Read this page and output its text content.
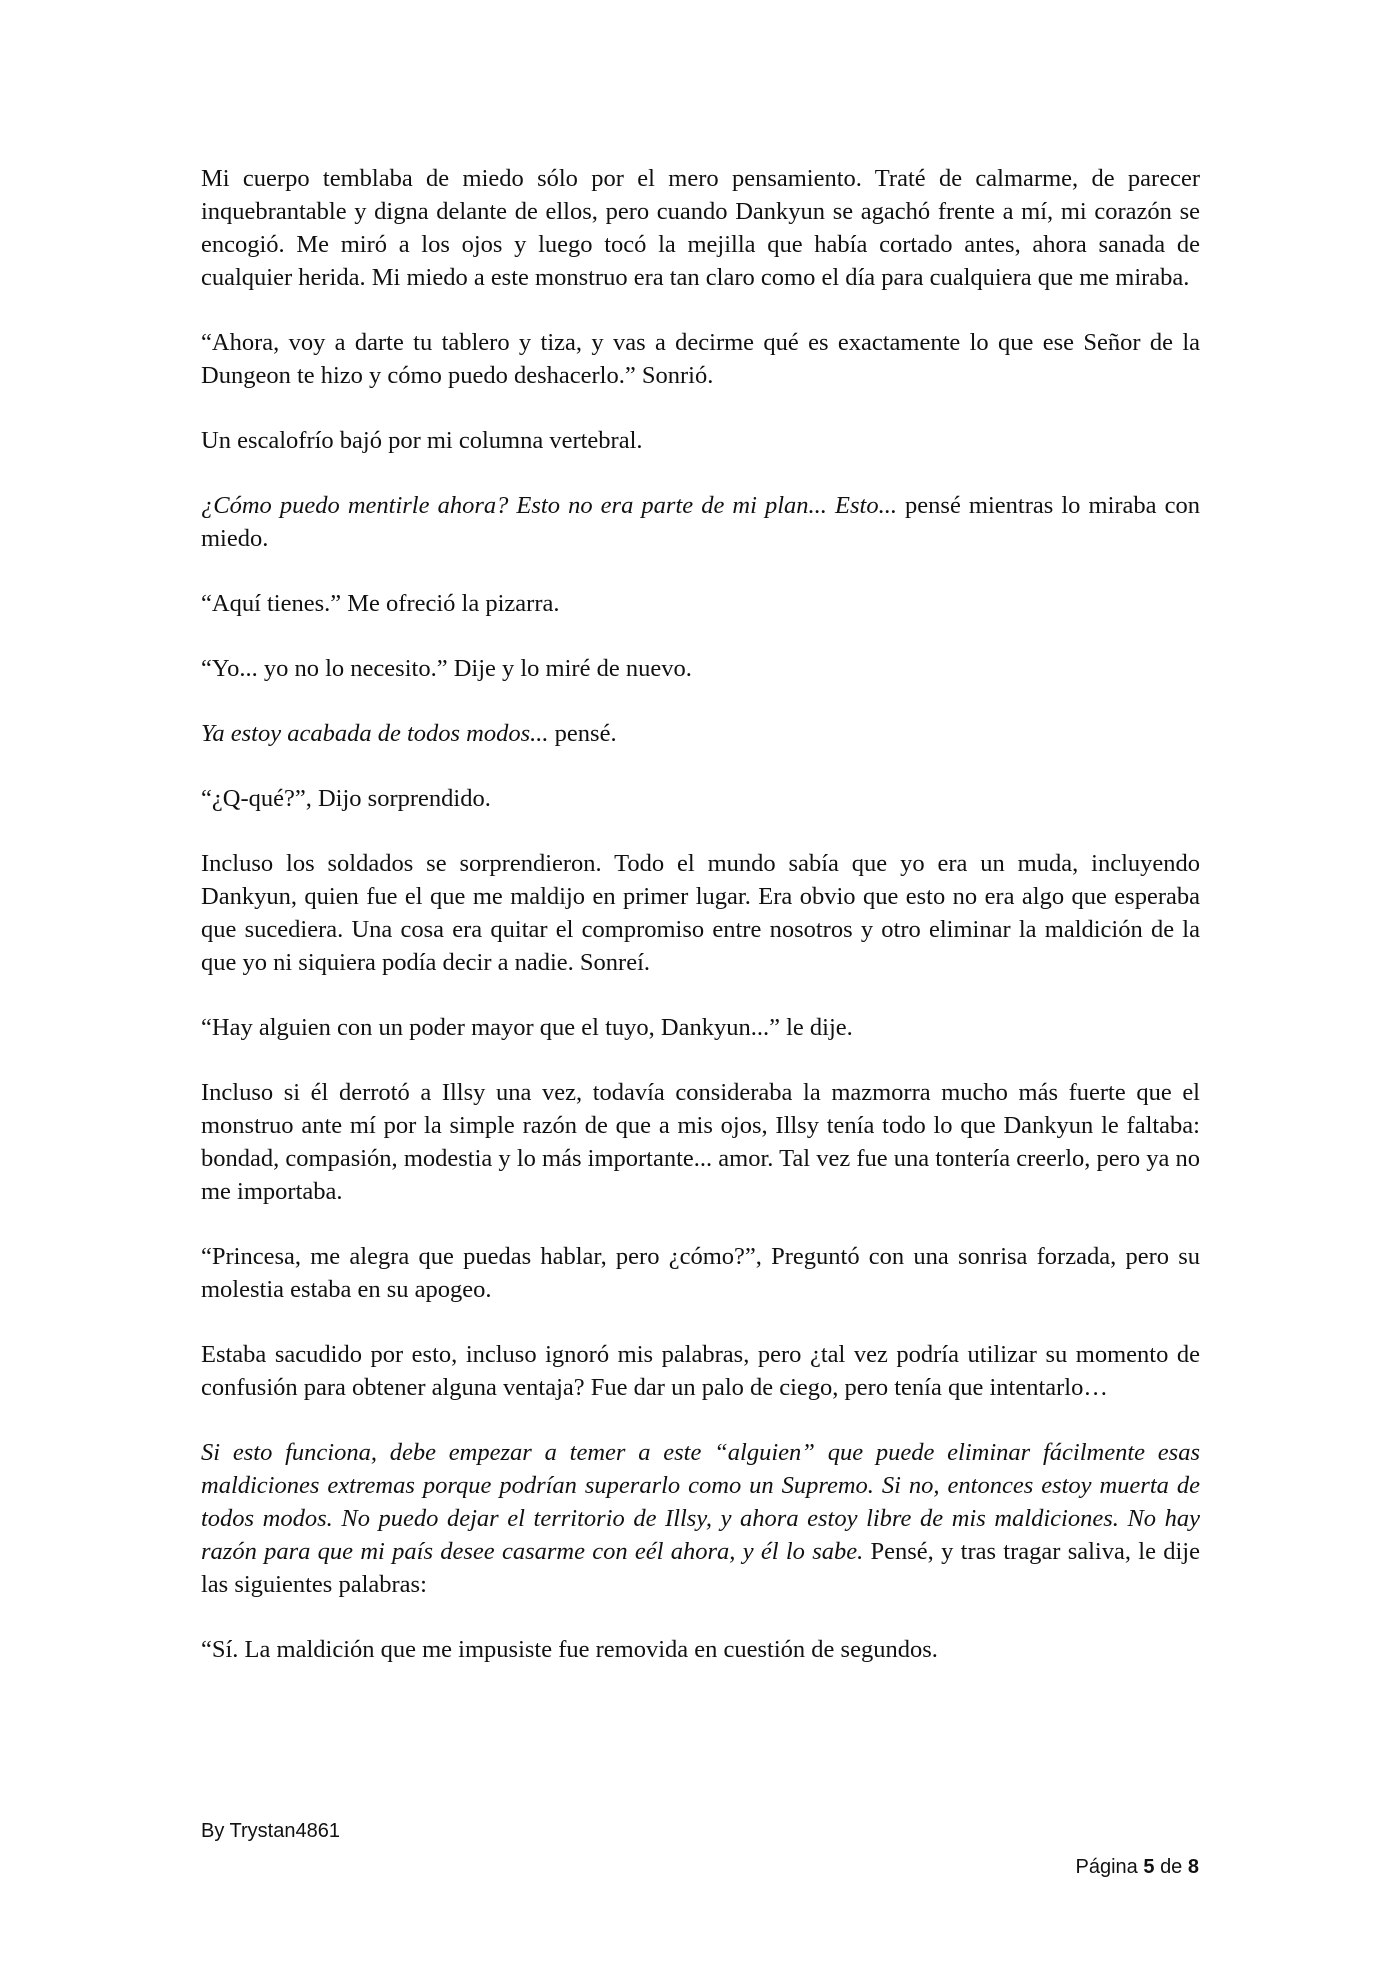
Mi cuerpo temblaba de miedo sólo por el mero pensamiento. Traté de calmarme, de parecer inquebrantable y digna delante de ellos, pero cuando Dankyun se agachó frente a mí, mi corazón se encogió. Me miró a los ojos y luego tocó la mejilla que había cortado antes, ahora sanada de cualquier herida. Mi miedo a este monstruo era tan claro como el día para cualquiera que me miraba.

“Ahora, voy a darte tu tablero y tiza, y vas a decirme qué es exactamente lo que ese Señor de la Dungeon te hizo y cómo puedo deshacerlo.” Sonrió.

Un escalofrío bajó por mi columna vertebral.

¿Cómo puedo mentirle ahora? Esto no era parte de mi plan... Esto... pensé mientras lo miraba con miedo.

“Aquí tienes.” Me ofreció la pizarra.

“Yo... yo no lo necesito.” Dije y lo miré de nuevo.

Ya estoy acabada de todos modos... pensé.

“¿Q-qué?”, Dijo sorprendido.

Incluso los soldados se sorprendieron. Todo el mundo sabía que yo era un muda, incluyendo Dankyun, quien fue el que me maldijo en primer lugar. Era obvio que esto no era algo que esperaba que sucediera. Una cosa era quitar el compromiso entre nosotros y otro eliminar la maldición de la que yo ni siquiera podía decir a nadie. Sonreí.

“Hay alguien con un poder mayor que el tuyo, Dankyun...” le dije.

Incluso si él derrotó a Illsy una vez, todavía consideraba la mazmorra mucho más fuerte que el monstruo ante mí por la simple razón de que a mis ojos, Illsy tenía todo lo que Dankyun le faltaba: bondad, compasión, modestia y lo más importante... amor. Tal vez fue una tontería creerlo, pero ya no me importaba.

“Princesa, me alegra que puedas hablar, pero ¿cómo?”, Preguntó con una sonrisa forzada, pero su molestia estaba en su apogeo.

Estaba sacudido por esto, incluso ignoró mis palabras, pero ¿tal vez podría utilizar su momento de confusión para obtener alguna ventaja? Fue dar un palo de ciego, pero tenía que intentarlo…

Si esto funciona, debe empezar a temer a este “alguien” que puede eliminar fácilmente esas maldiciones extremas porque podrían superarlo como un Supremo. Si no, entonces estoy muerta de todos modos. No puedo dejar el territorio de Illsy, y ahora estoy libre de mis maldiciones. No hay razón para que mi país desee casarme con eél ahora, y él lo sabe. Pensé, y tras tragar saliva, le dije las siguientes palabras:

“Sí. La maldición que me impusiste fue removida en cuestión de segundos.

By Trystan4861
Página 5 de 8
